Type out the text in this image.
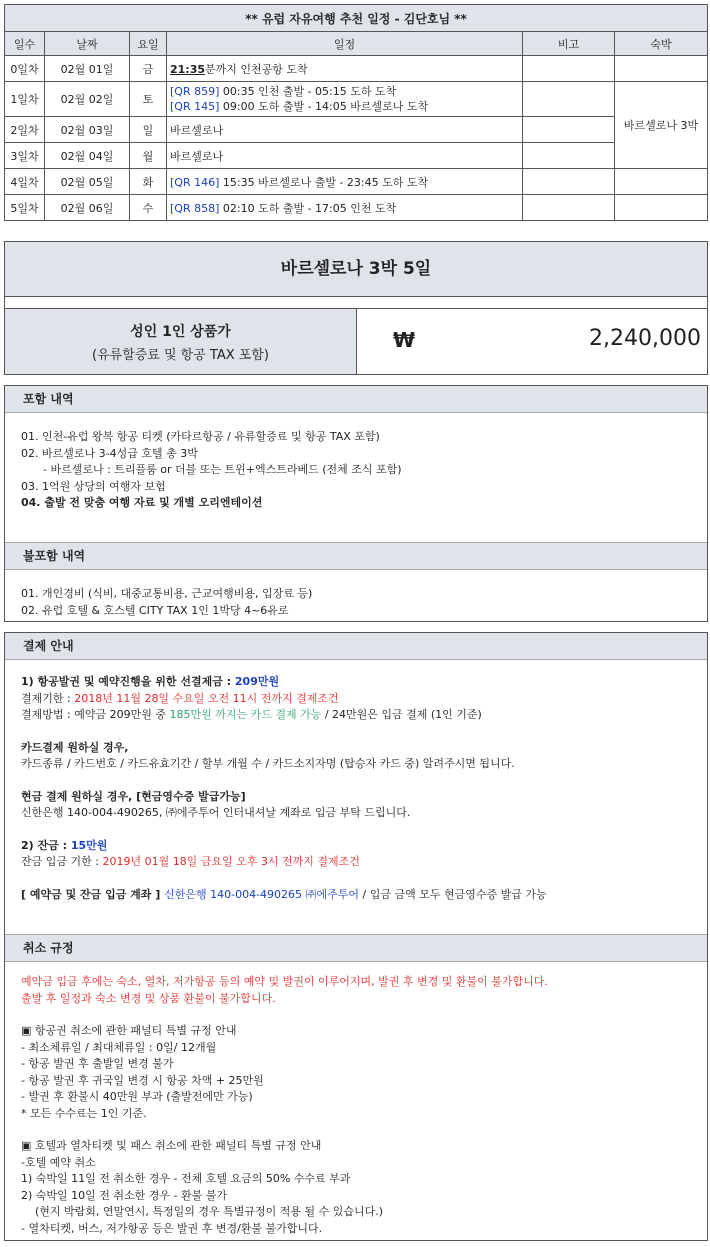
** 유럽 자유여행 추천 일정 - 김단호님 **					
일수	날짜	요일	일정	비고	숙박
0일차	02월 01일	금	21:35분까지 인천공항 도착		
1일차	02월 02일	토	[QR 859] 00:35 인천 출발 - 05:15 도하 도착
[QR 145] 09:00 도하 출발 - 14:05 바르셀로나 도착		바르셀로나 3박
2일차	02월 03일	일	바르셀로나		
3일차	02월 04일	월	바르셀로나		
4일차	02월 05일	화	[QR 146] 15:35 바르셀로나 출발 - 23:45 도하 도착		
5일차	02월 06일	수	[QR 858] 02:10 도하 출발 - 17:05 인천 도착		
바르셀로나 3박 5일
성인 1인 상품가
(유류할증료 및 항공 TAX 포함)
₩	2,240,000
포함 내역
01. 인천-유럽 왕복 항공 티켓 (카타르항공 / 유류할증료 및 항공 TAX 포함)
02. 바르셀로나 3-4성급 호텔 총 3박
- 바르셀로나 : 트리플룸 or 더블 또는 트윈+엑스트라베드 (전체 조식 포함)
03. 1억원 상당의 여행자 보험
04. 출발 전 맞춤 여행 자료 및 개별 오리엔테이션
불포함 내역
01. 개인경비 (식비, 대중교통비용, 근교여행비용, 입장료 등)
02. 유럽 호텔 & 호스텔 CITY TAX 1인 1박당 4~6유로
결제 안내
1) 항공발권 및 예약진행을 위한 선결제금 : 209만원
결제기한 : 2018년 11월 28일 수요일 오전 11시 전까지 결제조건
결제방법 : 예약금 209만원 중 185만원 까지는 카드 결제 가능 / 24만원은 입금 결제 (1인 기준)
카드결제 원하실 경우,
카드종류 / 카드번호 / 카드유효기간 / 할부 개월 수 / 카드소지자명 (탑승자 카드 중) 알려주시면 됩니다.
현금 결제 원하실 경우, [현금영수증 발급가능]
신한은행 140-004-490265, ㈜에주투어 인터내셔날 계좌로 입금 부탁 드립니다.
2) 잔금 : 15만원
잔금 입금 기한 : 2019년 01월 18일 금요일 오후 3시 전까지 결제조건
[ 예약금 및 잔금 입금 계좌 ] 신한은행 140-004-490265 ㈜에주투어 / 입금 금액 모두 현금영수증 발급 가능
취소 규정
예약금 입금 후에는 숙소, 열차, 저가항공 등의 예약 및 발권이 이루어지며, 발권 후 변경 및 환불이 불가합니다.
출발 후 일정과 숙소 변경 및 상품 환불이 불가합니다.
▣ 항공권 취소에 관한 패널티 특별 규정 안내
- 최소체류일 / 최대체류일 : 0일/ 12개월
- 항공 발권 후 출발일 변경 불가
- 항공 발권 후 귀국일 변경 시 항공 차액 + 25만원
- 발권 후 환불시 40만원 부과 (출발전에만 가능)
* 모든 수수료는 1인 기준.
▣ 호텔과 열차티켓 및 패스 취소에 관한 패널티 특별 규정 안내
-호텔 예약 취소
1) 숙박일 11일 전 취소한 경우 - 전체 호텔 요금의 50% 수수료 부과
2) 숙박일 10일 전 취소한 경우 - 환불 불가
(현지 박람회, 연말연시, 특정일의 경우 특별규정이 적용 될 수 있습니다.)
- 열차티켓, 버스, 저가항공 등은 발권 후 변경/환불 불가합니다.
